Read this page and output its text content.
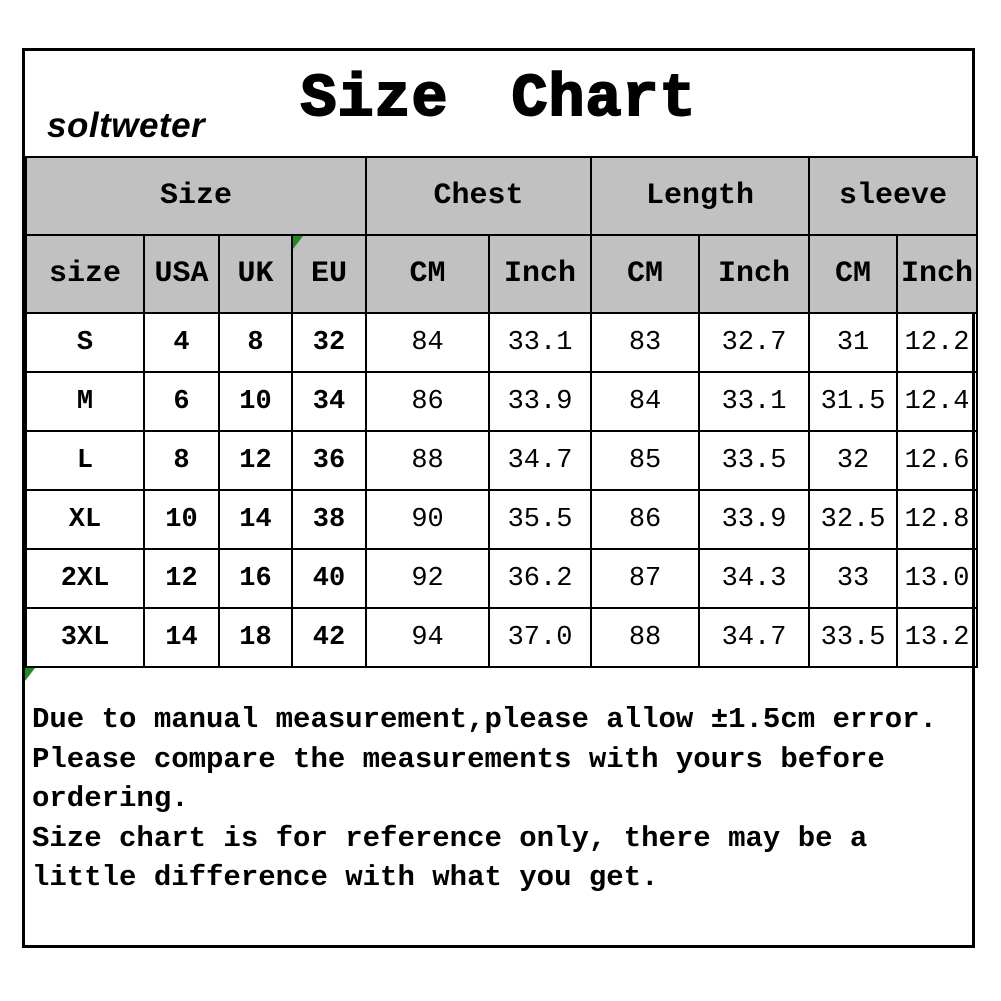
soltweter Size Chart
Size				Chest		Length		sleeve	
size	USA	UK	EU	CM	Inch	CM	Inch	CM	Inch
S	4	8	32	84	33.1	83	32.7	31	12.2
M	6	10	34	86	33.9	84	33.1	31.5	12.4
L	8	12	36	88	34.7	85	33.5	32	12.6
XL	10	14	38	90	35.5	86	33.9	32.5	12.8
2XL	12	16	40	92	36.2	87	34.3	33	13.0
3XL	14	18	42	94	37.0	88	34.7	33.5	13.2

Due to manual measurement,please allow ±1.5cm error.

Please compare the measurements with yours before

ordering.

Size chart is for reference only, there may be a

little difference with what you get.
